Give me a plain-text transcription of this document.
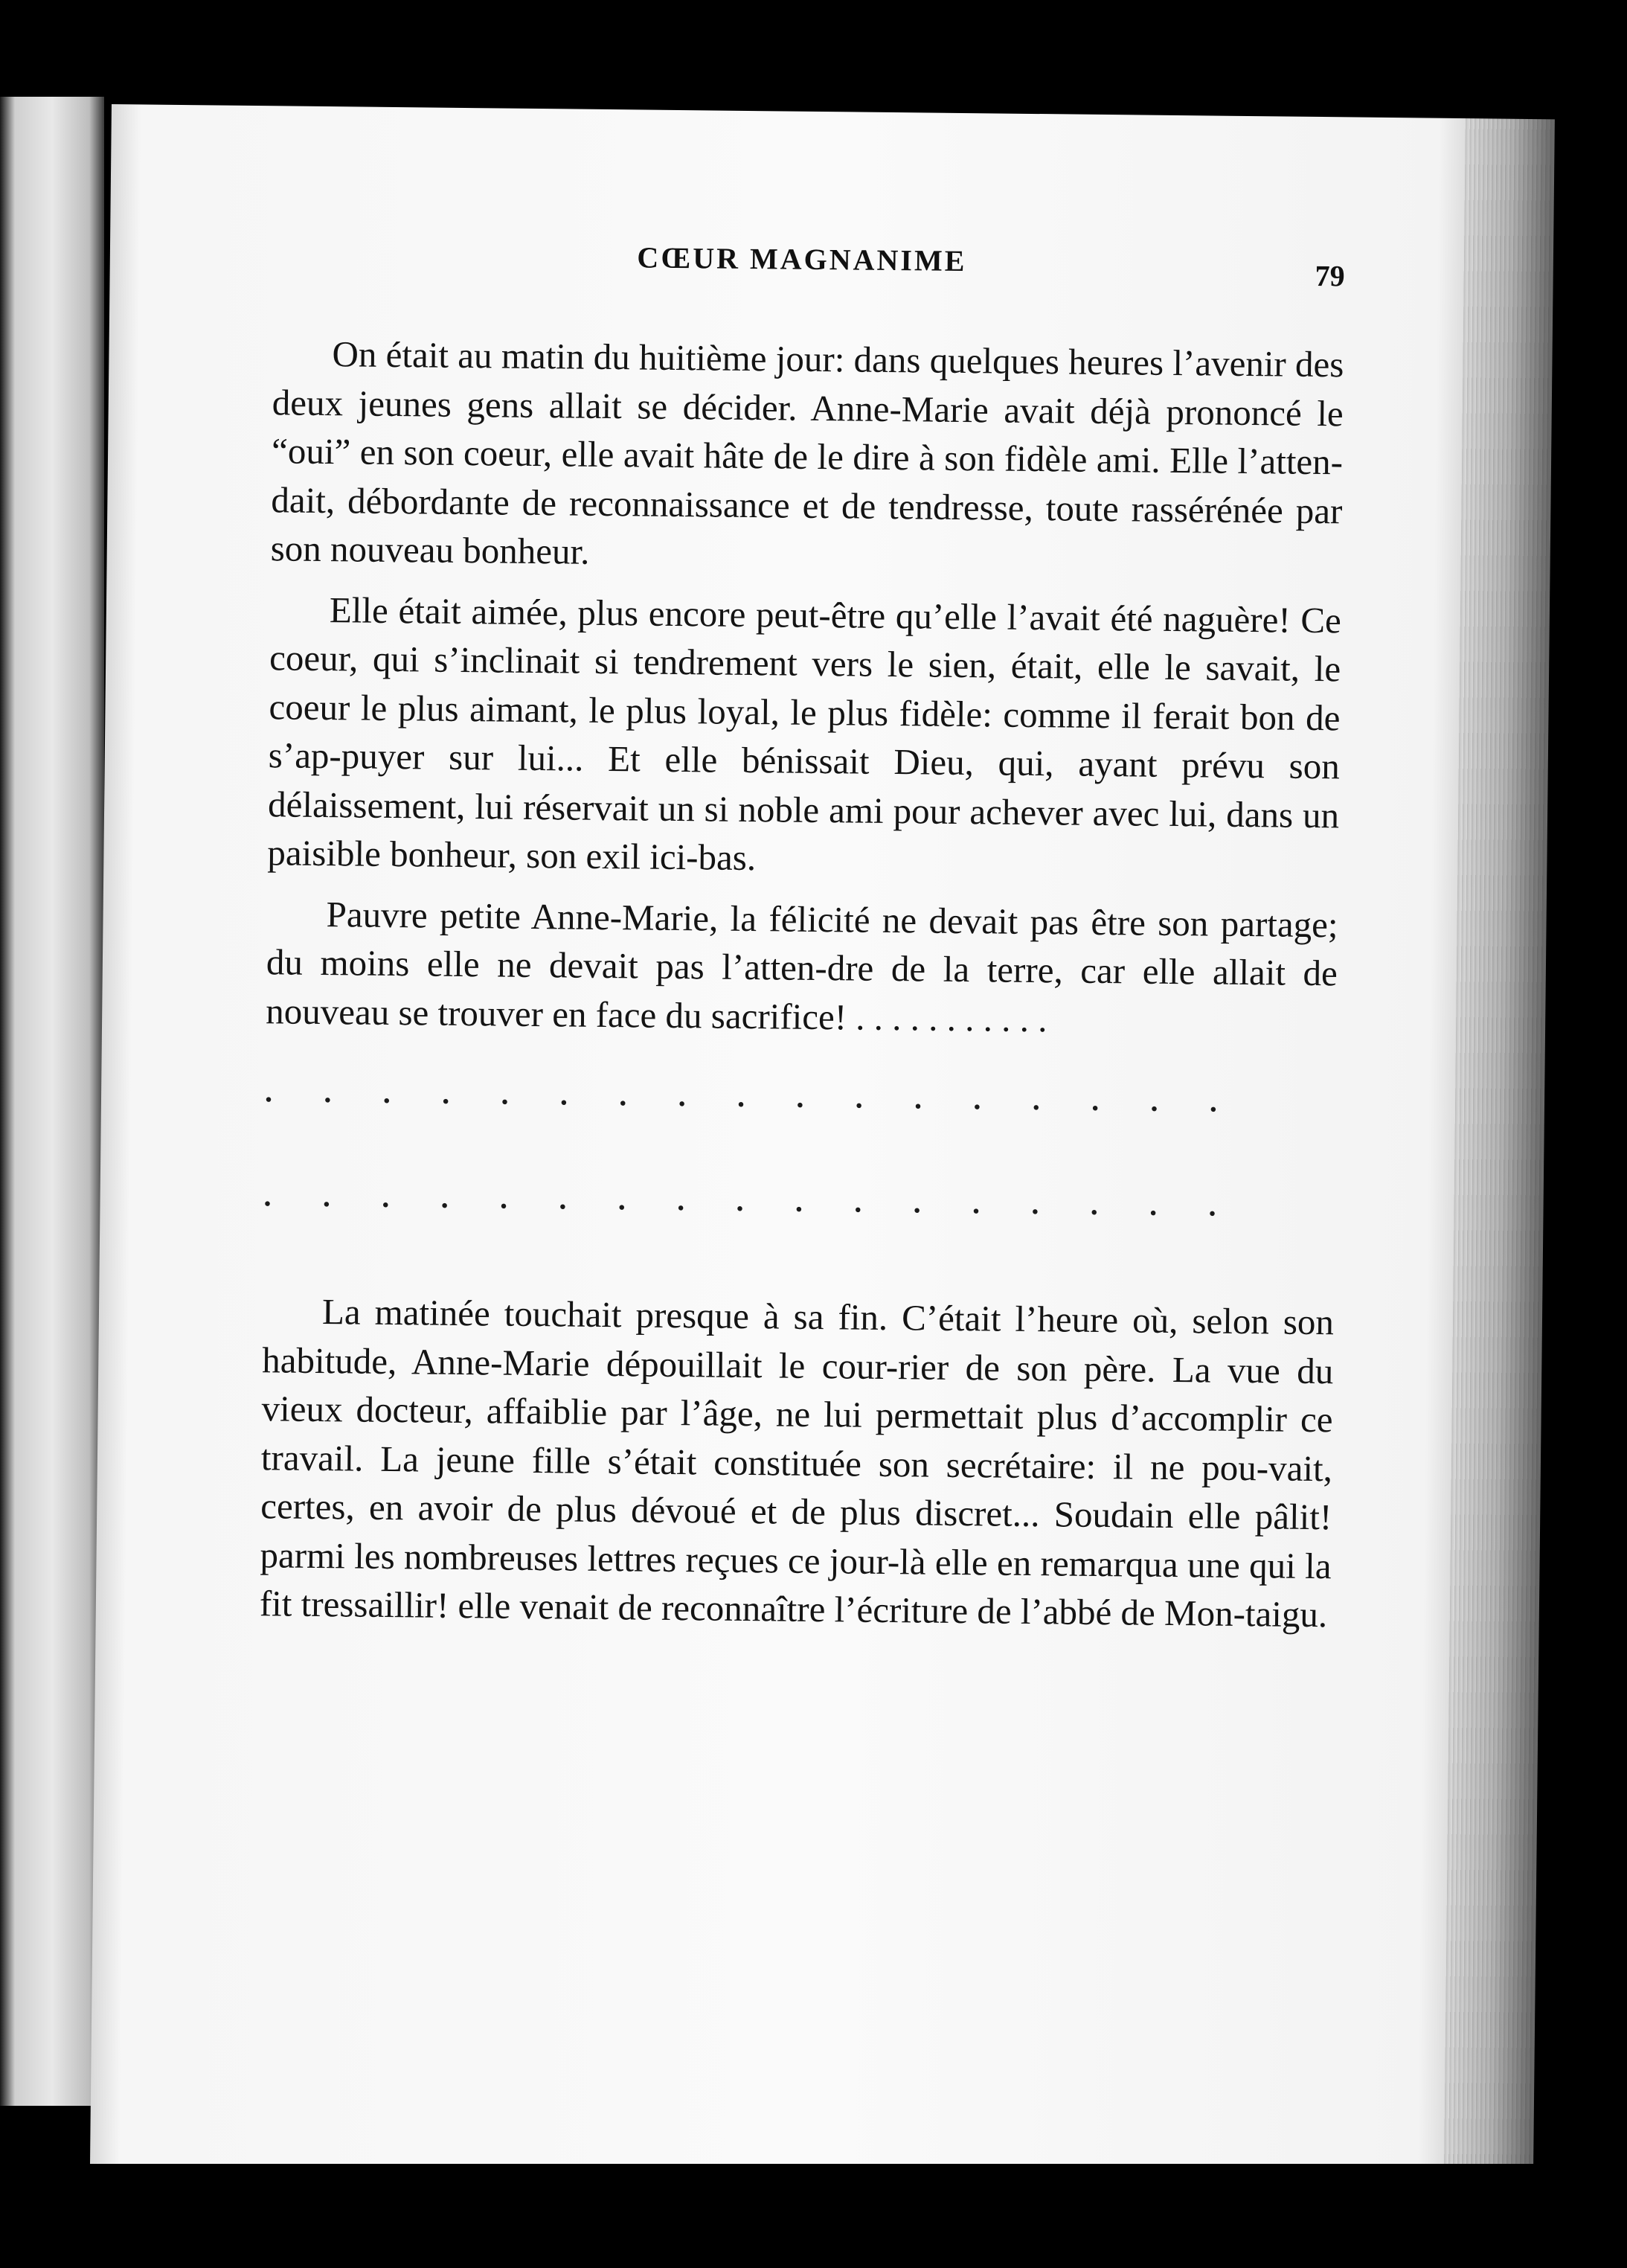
CŒUR MAGNANIME	79

On était au matin du huitième jour: dans quelques heures l’avenir des deux jeunes gens allait se décider. Anne-Marie avait déjà prononcé le “oui” en son coeur, elle avait hâte de le dire à son fidèle ami. Elle l’atten-dait, débordante de reconnaissance et de tendresse, toute rassérénée par son nouveau bonheur.

Elle était aimée, plus encore peut-être qu’elle l’avait été naguère! Ce coeur, qui s’inclinait si tendrement vers le sien, était, elle le savait, le coeur le plus aimant, le plus loyal, le plus fidèle: comme il ferait bon de s’ap-puyer sur lui... Et elle bénissait Dieu, qui, ayant prévu son délaissement, lui réservait un si noble ami pour achever avec lui, dans un paisible bonheur, son exil ici-bas.

Pauvre petite Anne-Marie, la félicité ne devait pas être son partage; du moins elle ne devait pas l’atten-dre de la terre, car elle allait de nouveau se trouver en face du sacrifice! . . . . . . . . . . .

. . . . . . . . . . . . . . . . .
. . . . . . . . . . . . . . . . .

La matinée touchait presque à sa fin. C’était l’heure où, selon son habitude, Anne-Marie dépouillait le cour-rier de son père. La vue du vieux docteur, affaiblie par l’âge, ne lui permettait plus d’accomplir ce travail. La jeune fille s’était constituée son secrétaire: il ne pou-vait, certes, en avoir de plus dévoué et de plus discret... Soudain elle pâlit! parmi les nombreuses lettres reçues ce jour-là elle en remarqua une qui la fit tressaillir! elle venait de reconnaître l’écriture de l’abbé de Mon-taigu.
